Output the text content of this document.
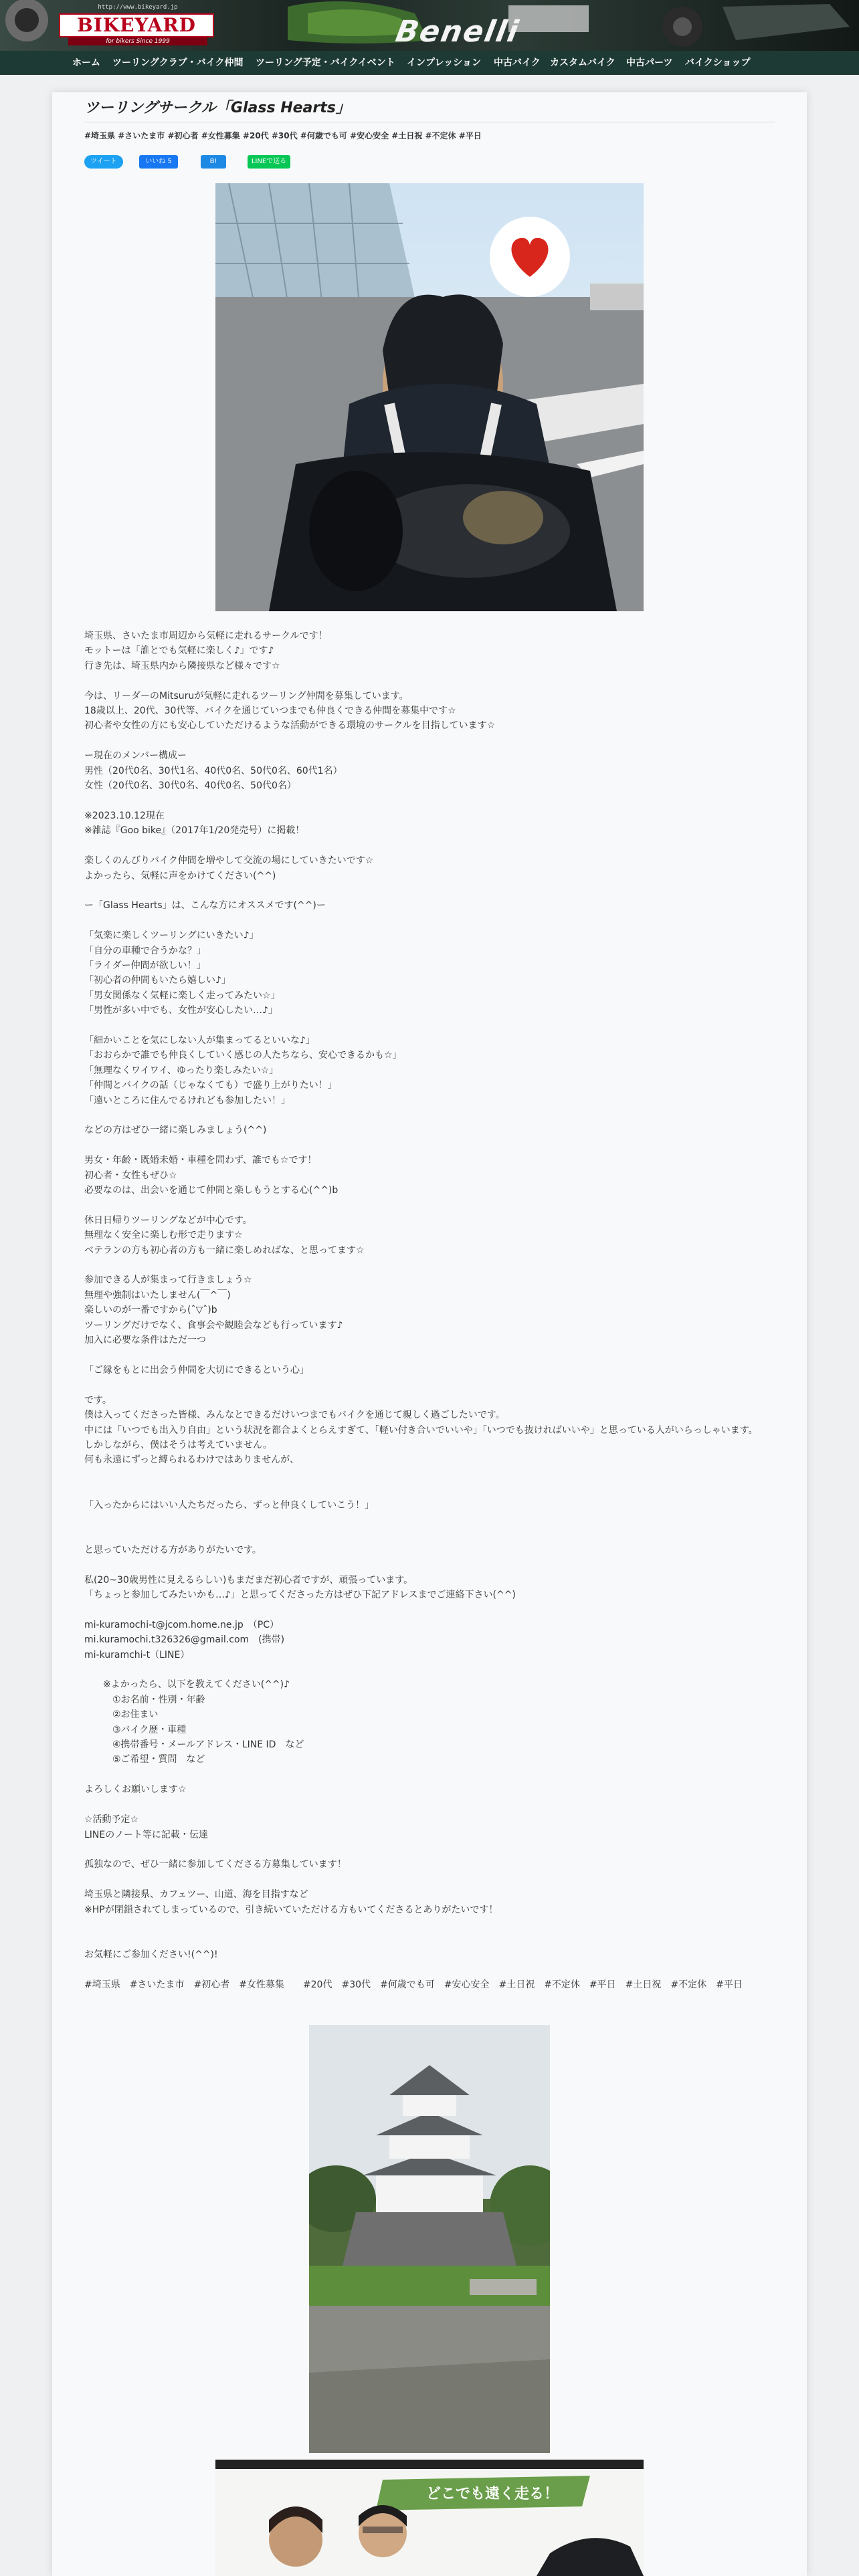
http://www.bikeyard.jp
BIKEYARD
for bikers Since 1999	Benelli
ホーム ツーリングクラブ・バイク仲間 ツーリング予定・バイクイベント インプレッション 中古バイク カスタムバイク 中古パーツ バイクショップ
ツーリングサークル「Glass Hearts」
#埼玉県 #さいたま市 #初心者 #女性募集 #20代 #30代 #何歳でも可 #安心安全 #土日祝 #不定休 #平日
ツイート	いいね 5	B!	LINEで送る

埼玉県、さいたま市周辺から気軽に走れるサークルです！

モットーは「誰とでも気軽に楽しく♪」です♪

行き先は、埼玉県内から隣接県など様々です☆

今は、リーダーのMitsuruが気軽に走れるツーリング仲間を募集しています。

18歳以上、20代、30代等、バイクを通じていつまでも仲良くできる仲間を募集中です☆

初心者や女性の方にも安心していただけるような活動ができる環境のサークルを目指しています☆

ー現在のメンバー構成ー

男性（20代0名、30代1名、40代0名、50代0名、60代1名）

女性（20代0名、30代0名、40代0名、50代0名）

※2023.10.12現在

※雑誌『Goo bike』（2017年1/20発売号）に掲載！

楽しくのんびりバイク仲間を増やして交流の場にしていきたいです☆

よかったら、気軽に声をかけてください(^^)

ー「Glass Hearts」は、こんな方にオススメです(^^)ー

「気楽に楽しくツーリングにいきたい♪」

「自分の車種で合うかな？」

「ライダー仲間が欲しい！」

「初心者の仲間もいたら嬉しい♪」

「男女関係なく気軽に楽しく走ってみたい☆」

「男性が多い中でも、女性が安心したい…♪」

「細かいことを気にしない人が集まってるといいな♪」

「おおらかで誰でも仲良くしていく感じの人たちなら、安心できるかも☆」

「無理なくワイワイ、ゆったり楽しみたい☆」

「仲間とバイクの話（じゃなくても）で盛り上がりたい！」

「遠いところに住んでるけれども参加したい！」

などの方はぜひ一緒に楽しみましょう(^^)

男女・年齢・既婚未婚・車種を問わず、誰でも☆です！

初心者・女性もぜひ☆

必要なのは、出会いを通じて仲間と楽しもうとする心(^^)b

休日日帰りツーリングなどが中心です。

無理なく安全に楽しむ形で走ります☆

ベテランの方も初心者の方も一緒に楽しめればな、と思ってます☆

参加できる人が集まって行きましょう☆

無理や強制はいたしません(￣^￣)

楽しいのが一番ですから(ˆ▽ˆ)b

ツーリングだけでなく、食事会や観睦会なども行っています♪

加入に必要な条件はただ一つ

「ご縁をもとに出会う仲間を大切にできるという心」

です。

僕は入ってくださった皆様、みんなとできるだけいつまでもバイクを通じて親しく過ごしたいです。

中には「いつでも出入り自由」という状況を都合よくとらえすぎて、「軽い付き合いでいいや」「いつでも抜ければいいや」と思っている人がいらっしゃいます。

しかしながら、僕はそうは考えていません。

何も永遠にずっと縛られるわけではありませんが、

「入ったからにはいい人たちだったら、ずっと仲良くしていこう！」

と思っていただける方がありがたいです。

私(20~30歳男性に見えるらしい)もまだまだ初心者ですが、頑張っています。

「ちょっと参加してみたいかも…♪」と思ってくださった方はぜひ下記アドレスまでご連絡下さい(^^)

mi-kuramochi-t@jcom.home.ne.jp　（PC）

mi.kuramochi.t326326@gmail.com　(携帯)

mi-kuramchi-t（LINE）

　　※よかったら、以下を教えてください(^^)♪

　　　①お名前・性別・年齢

　　　②お住まい

　　　③バイク歴・車種

　　　④携帯番号・メールアドレス・LINE ID　など

　　　⑤ご希望・質問　など

よろしくお願いします☆

☆活動予定☆

LINEのノート等に記載・伝達

孤独なので、ぜひ一緒に参加してくださる方募集しています！

埼玉県と隣接県、カフェツー、山道、海を目指すなど

※HPが閉鎖されてしまっているので、引き続いていただける方もいてくださるとありがたいです！

お気軽にご参加ください!(^^)!

#埼玉県　#さいたま市　#初心者　#女性募集　　#20代　#30代　#何歳でも可　#安心安全　#土日祝　#不定休　#平日　#土日祝　#不定休　#平日

どこでも遠く走る！
